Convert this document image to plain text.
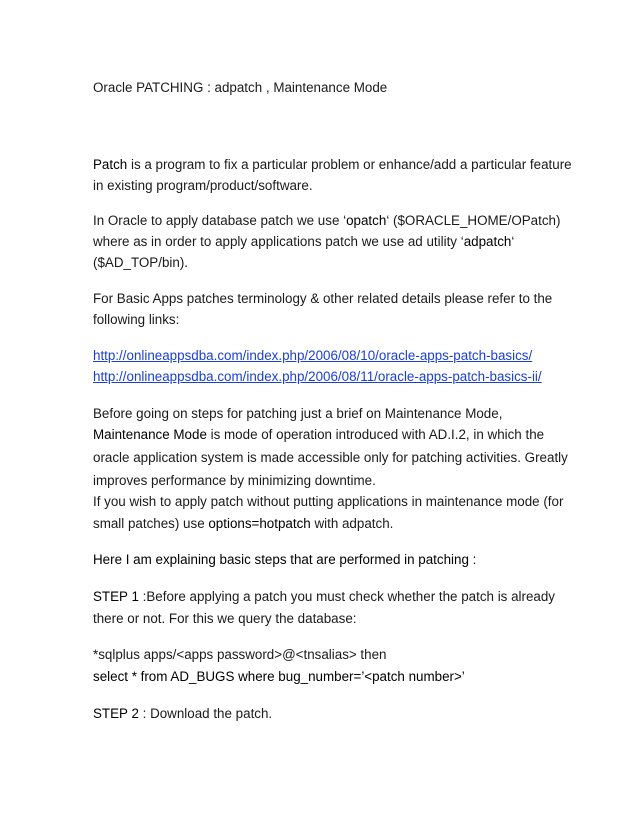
Oracle PATCHING : adpatch , Maintenance Mode
Patch is a program to fix a particular problem or enhance/add a particular feature
in existing program/product/software.
In Oracle to apply database patch we use ‘opatch‘ ($ORACLE_HOME/OPatch)
where as in order to apply applications patch we use ad utility ‘adpatch‘
($AD_TOP/bin).
For Basic Apps patches terminology & other related details please refer to the
following links:
http://onlineappsdba.com/index.php/2006/08/10/oracle-apps-patch-basics/
http://onlineappsdba.com/index.php/2006/08/11/oracle-apps-patch-basics-ii/
Before going on steps for patching just a brief on Maintenance Mode,
Maintenance Mode is mode of operation introduced with AD.I.2, in which the
oracle application system is made accessible only for patching activities. Greatly
improves performance by minimizing downtime.
If you wish to apply patch without putting applications in maintenance mode (for
small patches) use options=hotpatch with adpatch.
Here I am explaining basic steps that are performed in patching :
STEP 1 :Before applying a patch you must check whether the patch is already
there or not. For this we query the database:
*sqlplus apps/<apps password>@<tnsalias> then
select * from AD_BUGS where bug_number=’<patch number>’
STEP 2 : Download the patch.
